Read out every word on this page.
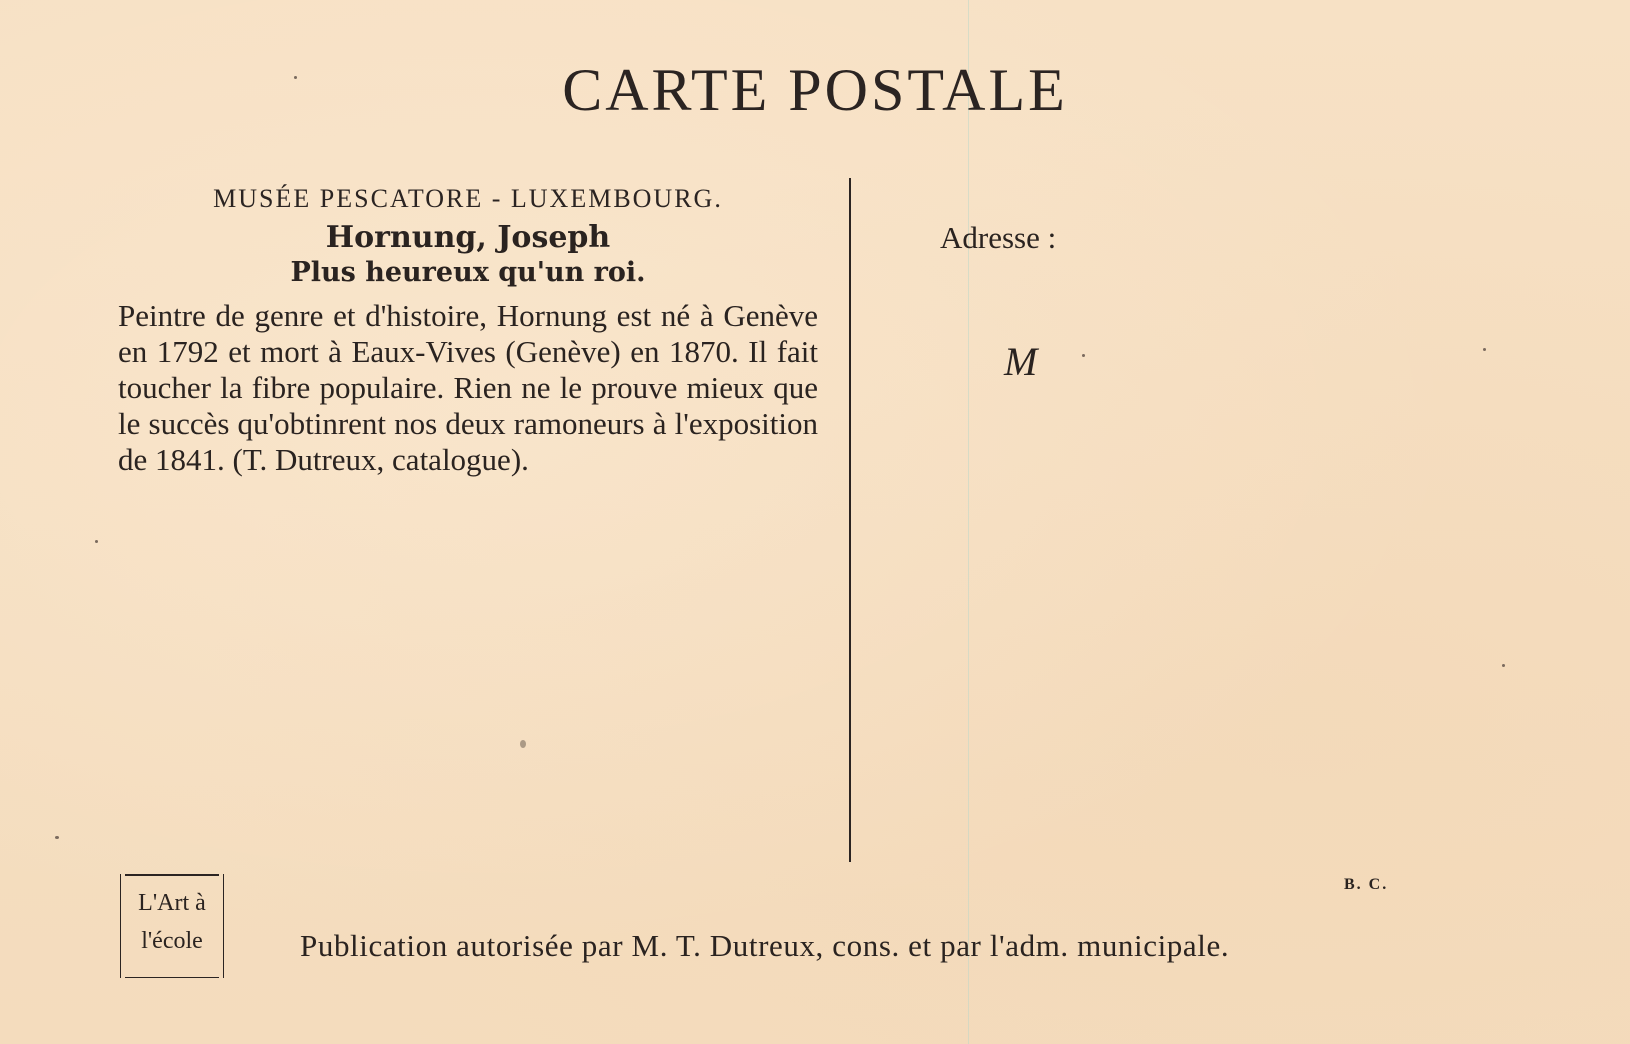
CARTE POSTALE
MUSÉE PESCATORE - LUXEMBOURG.
Hornung, Joseph
Plus heureux qu'un roi.
Peintre de genre et d'histoire, Hornung est né à Genève en 1792 et mort à Eaux-Vives (Genève) en 1870. Il fait toucher la fibre populaire. Rien ne le prouve mieux que le succès qu'obtinrent nos deux ramoneurs à l'exposition de 1841. (T. Dutreux, catalogue).
Adresse :
M
B. C.
L'Art à
l'école	Publication autorisée par M. T. Dutreux, cons. et par l'adm. municipale.
